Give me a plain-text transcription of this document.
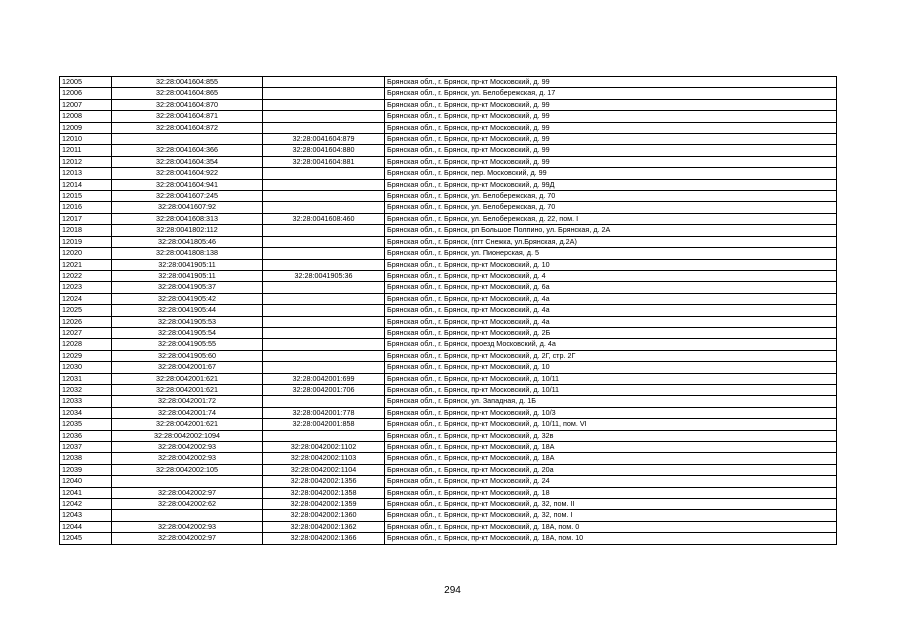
12005	32:28:0041604:855		Брянская обл., г. Брянск, пр-кт Московский, д. 99
12006	32:28:0041604:865		Брянская обл., г. Брянск, ул. Белобережская, д. 17
12007	32:28:0041604:870		Брянская обл., г. Брянск, пр-кт Московский, д. 99
12008	32:28:0041604:871		Брянская обл., г. Брянск, пр-кт Московский, д. 99
12009	32:28:0041604:872		Брянская обл., г. Брянск, пр-кт Московский, д. 99
12010		32:28:0041604:879	Брянская обл., г. Брянск, пр-кт Московский, д. 99
12011	32:28:0041604:366	32:28:0041604:880	Брянская обл., г. Брянск, пр-кт Московский, д. 99
12012	32:28:0041604:354	32:28:0041604:881	Брянская обл., г. Брянск, пр-кт Московский, д. 99
12013	32:28:0041604:922		Брянская обл., г. Брянск, пер. Московский, д. 99
12014	32:28:0041604:941		Брянская обл., г. Брянск, пр-кт Московский, д. 99Д
12015	32:28:0041607:245		Брянская обл., г. Брянск, ул. Белобережская, д. 70
12016	32:28:0041607:92		Брянская обл., г. Брянск, ул. Белобережская, д. 70
12017	32:28:0041608:313	32:28:0041608:460	Брянская обл., г. Брянск, ул. Белобережская, д. 22, пом. I
12018	32:28:0041802:112		Брянская обл., г. Брянск, рп Большое Полпино, ул. Брянская, д. 2А
12019	32:28:0041805:46		Брянская обл., г. Брянск, (пгт Снежка, ул.Брянская, д.2А)
12020	32:28:0041808:138		Брянская обл., г. Брянск, ул. Пионерская, д. 5
12021	32:28:0041905:11		Брянская обл., г. Брянск, пр-кт Московский, д. 10
12022	32:28:0041905:11	32:28:0041905:36	Брянская обл., г. Брянск, пр-кт Московский, д. 4
12023	32:28:0041905:37		Брянская обл., г. Брянск, пр-кт Московский, д. 6а
12024	32:28:0041905:42		Брянская обл., г. Брянск, пр-кт Московский, д. 4а
12025	32:28:0041905:44		Брянская обл., г. Брянск, пр-кт Московский, д. 4а
12026	32:28:0041905:53		Брянская обл., г. Брянск, пр-кт Московский, д. 4а
12027	32:28:0041905:54		Брянская обл., г. Брянск, пр-кт Московский, д. 2Б
12028	32:28:0041905:55		Брянская обл., г. Брянск, проезд Московский, д. 4а
12029	32:28:0041905:60		Брянская обл., г. Брянск, пр-кт Московский, д. 2Г, стр. 2Г
12030	32:28:0042001:67		Брянская обл., г. Брянск, пр-кт Московский, д. 10
12031	32:28:0042001:621	32:28:0042001:699	Брянская обл., г. Брянск, пр-кт Московский, д. 10/11
12032	32:28:0042001:621	32:28:0042001:706	Брянская обл., г. Брянск, пр-кт Московский, д. 10/11
12033	32:28:0042001:72		Брянская обл., г. Брянск, ул. Западная, д. 1Б
12034	32:28:0042001:74	32:28:0042001:778	Брянская обл., г. Брянск, пр-кт Московский, д. 10/3
12035	32:28:0042001:621	32:28:0042001:858	Брянская обл., г. Брянск, пр-кт Московский, д. 10/11, пом. VI
12036	32:28:0042002:1094		Брянская обл., г. Брянск, пр-кт Московский, д. 32в
12037	32:28:0042002:93	32:28:0042002:1102	Брянская обл., г. Брянск, пр-кт Московский, д. 18А
12038	32:28:0042002:93	32:28:0042002:1103	Брянская обл., г. Брянск, пр-кт Московский, д. 18А
12039	32:28:0042002:105	32:28:0042002:1104	Брянская обл., г. Брянск, пр-кт Московский, д. 20а
12040		32:28:0042002:1356	Брянская обл., г. Брянск, пр-кт Московский, д. 24
12041	32:28:0042002:97	32:28:0042002:1358	Брянская обл., г. Брянск, пр-кт Московский, д. 18
12042	32:28:0042002:62	32:28:0042002:1359	Брянская обл., г. Брянск, пр-кт Московский, д. 32, пом. II
12043		32:28:0042002:1360	Брянская обл., г. Брянск, пр-кт Московский, д. 32, пом. I
12044	32:28:0042002:93	32:28:0042002:1362	Брянская обл., г. Брянск, пр-кт Московский, д. 18А, пом. 0
12045	32:28:0042002:97	32:28:0042002:1366	Брянская обл., г. Брянск, пр-кт Московский, д. 18А, пом. 10
294
